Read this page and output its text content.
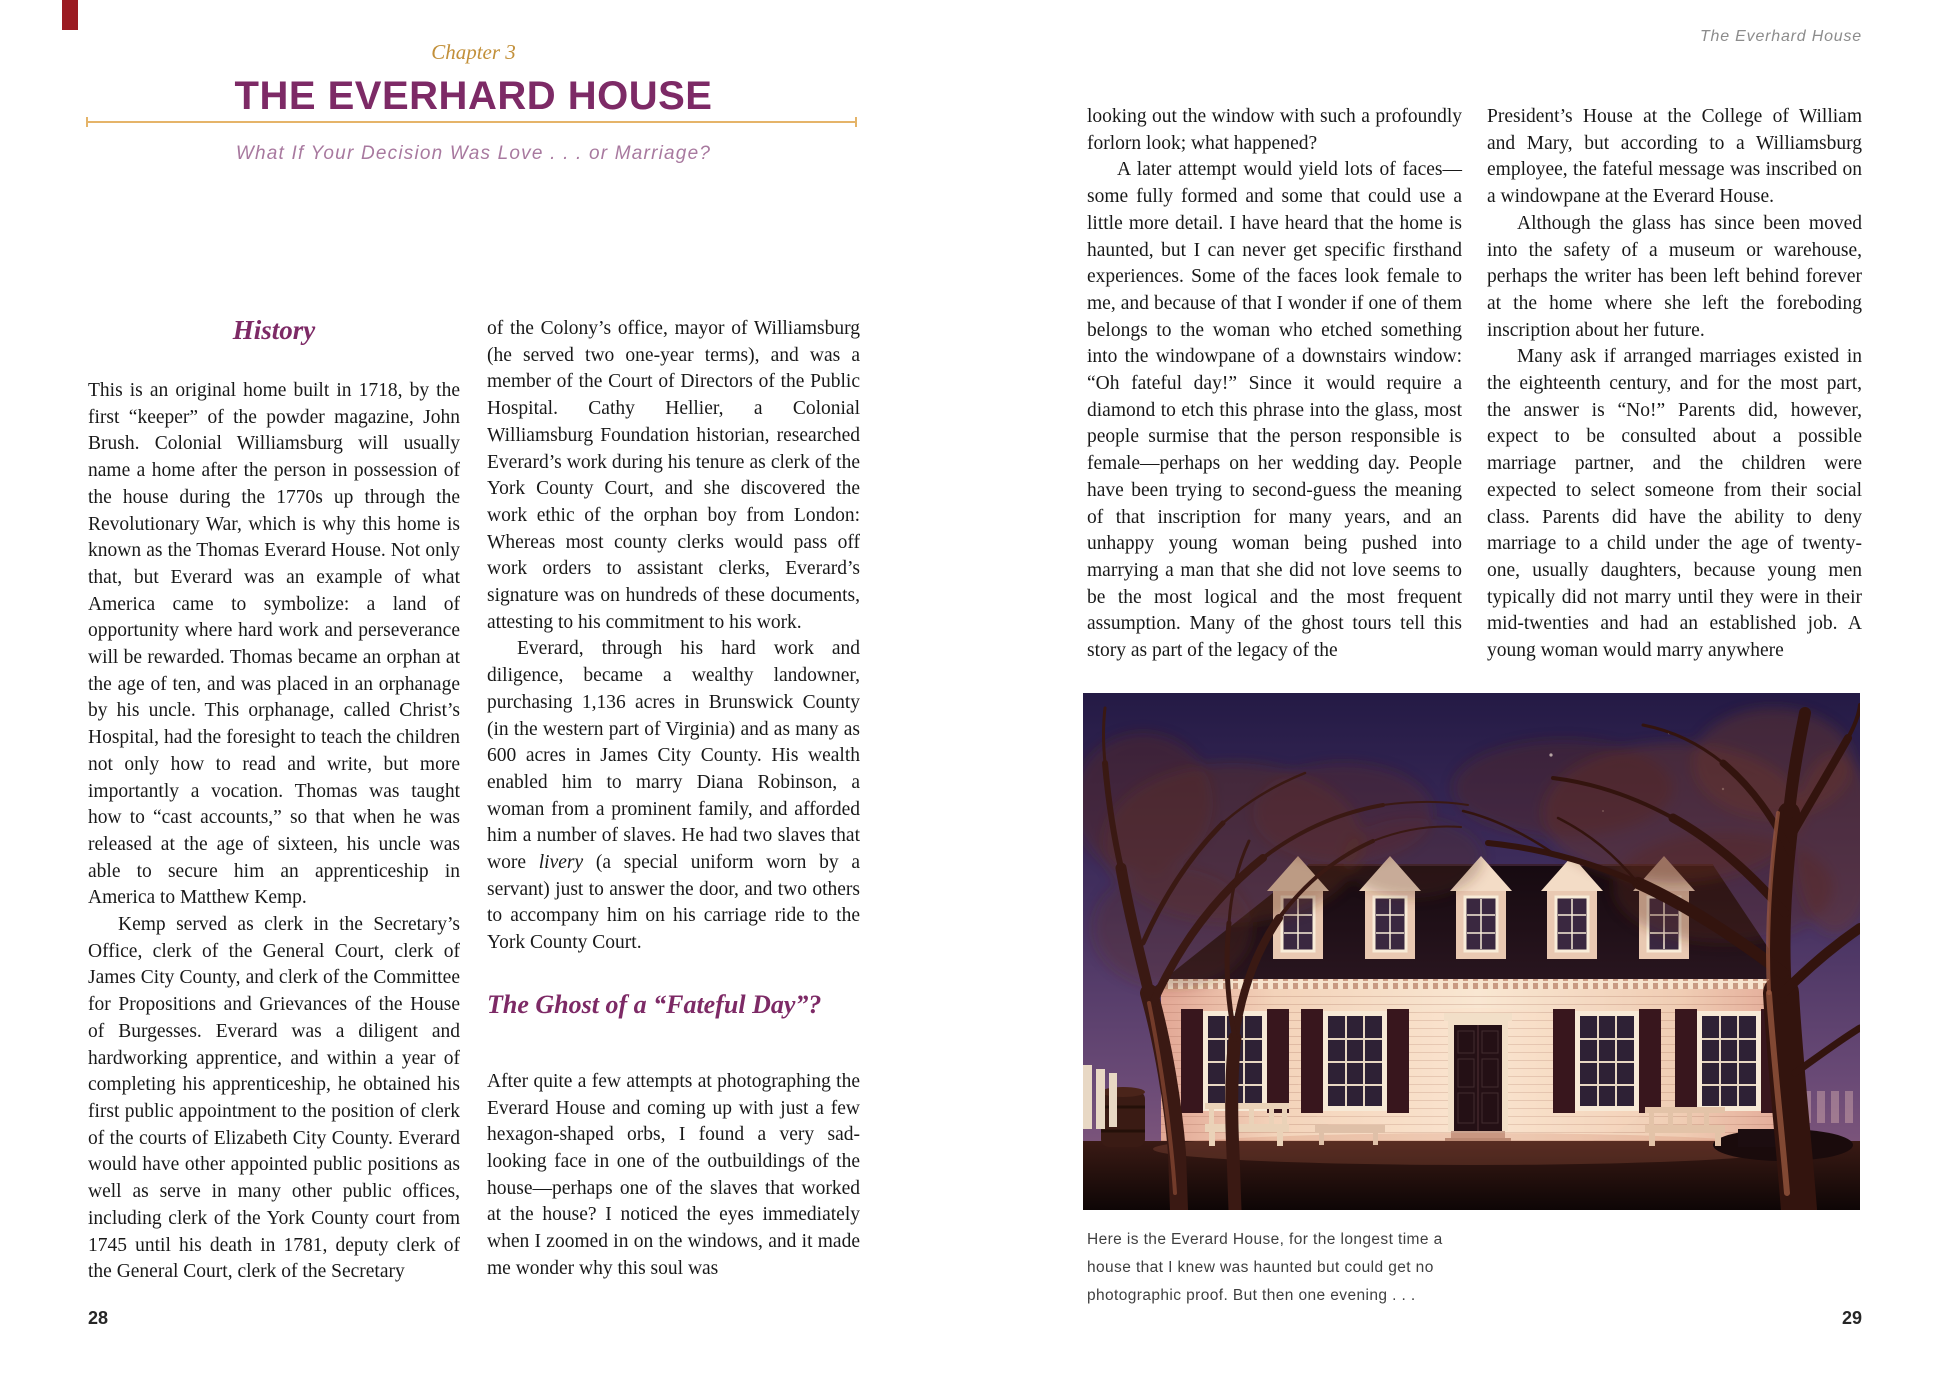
Chapter 3
THE EVERHARD HOUSE
What If Your Decision Was Love . . . or Marriage?
History

This is an original home built in 1718, by the first “keeper” of the powder magazine, John Brush. Colonial Williamsburg will usually name a home after the person in possession of the house during the 1770s up through the Revolutionary War, which is why this home is known as the Thomas Everard House. Not only that, but Everard was an example of what America came to symbolize: a land of opportunity where hard work and perseverance will be rewarded. Thomas became an orphan at the age of ten, and was placed in an orphanage by his uncle. This orphanage, called Christ’s Hospital, had the foresight to teach the children not only how to read and write, but more importantly a vocation. Thomas was taught how to “cast accounts,” so that when he was released at the age of sixteen, his uncle was able to secure him an apprenticeship in America to Matthew Kemp.

Kemp served as clerk in the Secretary’s Office, clerk of the General Court, clerk of James City County, and clerk of the Committee for Propositions and Grievances of the House of Burgesses. Everard was a diligent and hardworking apprentice, and within a year of completing his apprenticeship, he obtained his first public appointment to the position of clerk of the courts of Elizabeth City County. Everard would have other appointed public positions as well as serve in many other public offices, including clerk of the York County court from 1745 until his death in 1781, deputy clerk of the General Court, clerk of the Secretary

of the Colony’s office, mayor of Williamsburg (he served two one-year terms), and was a member of the Court of Directors of the Public Hospital. Cathy Hellier, a Colonial Williamsburg Foundation historian, researched Everard’s work during his tenure as clerk of the York County Court, and she discovered the work ethic of the orphan boy from London: Whereas most county clerks would pass off work orders to assistant clerks, Everard’s signature was on hundreds of these documents, attesting to his commitment to his work.

Everard, through his hard work and diligence, became a wealthy landowner, purchasing 1,136 acres in Brunswick County (in the western part of Virginia) and as many as 600 acres in James City County. His wealth enabled him to marry Diana Robinson, a woman from a prominent family, and afforded him a number of slaves. He had two slaves that wore livery (a special uniform worn by a servant) just to answer the door, and two others to accompany him on his carriage ride to the York County Court.

The Ghost of a “Fateful Day”?

After quite a few attempts at photographing the Everard House and coming up with just a few hexagon-shaped orbs, I found a very sad-looking face in one of the outbuildings of the house—perhaps one of the slaves that worked at the house? I noticed the eyes immediately when I zoomed in on the windows, and it made me wonder why this soul was

28
The Everhard House

looking out the window with such a profoundly forlorn look; what happened?

A later attempt would yield lots of faces—some fully formed and some that could use a little more detail. I have heard that the home is haunted, but I can never get specific firsthand experiences. Some of the faces look female to me, and because of that I wonder if one of them belongs to the woman who etched something into the windowpane of a downstairs window: “Oh fateful day!” Since it would require a diamond to etch this phrase into the glass, most people surmise that the person responsible is female—perhaps on her wedding day. People have been trying to second-guess the meaning of that inscription for many years, and an unhappy young woman being pushed into marrying a man that she did not love seems to be the most logical and the most frequent assumption. Many of the ghost tours tell this story as part of the legacy of the

President’s House at the College of William and Mary, but according to a Williamsburg employee, the fateful message was inscribed on a windowpane at the Everard House.

Although the glass has since been moved into the safety of a museum or warehouse, perhaps the writer has been left behind forever at the home where she left the foreboding inscription about her future.

Many ask if arranged marriages existed in the eighteenth century, and for the most part, the answer is “No!” Parents did, however, expect to be consulted about a possible marriage partner, and the children were expected to select someone from their social class. Parents did have the ability to deny marriage to a child under the age of twenty-one, usually daughters, because young men typically did not marry until they were in their mid-twenties and had an established job. A young woman would marry anywhere

Here is the Everard House, for the longest time a house that I knew was haunted but could get no photographic proof. But then one evening . . .
29
